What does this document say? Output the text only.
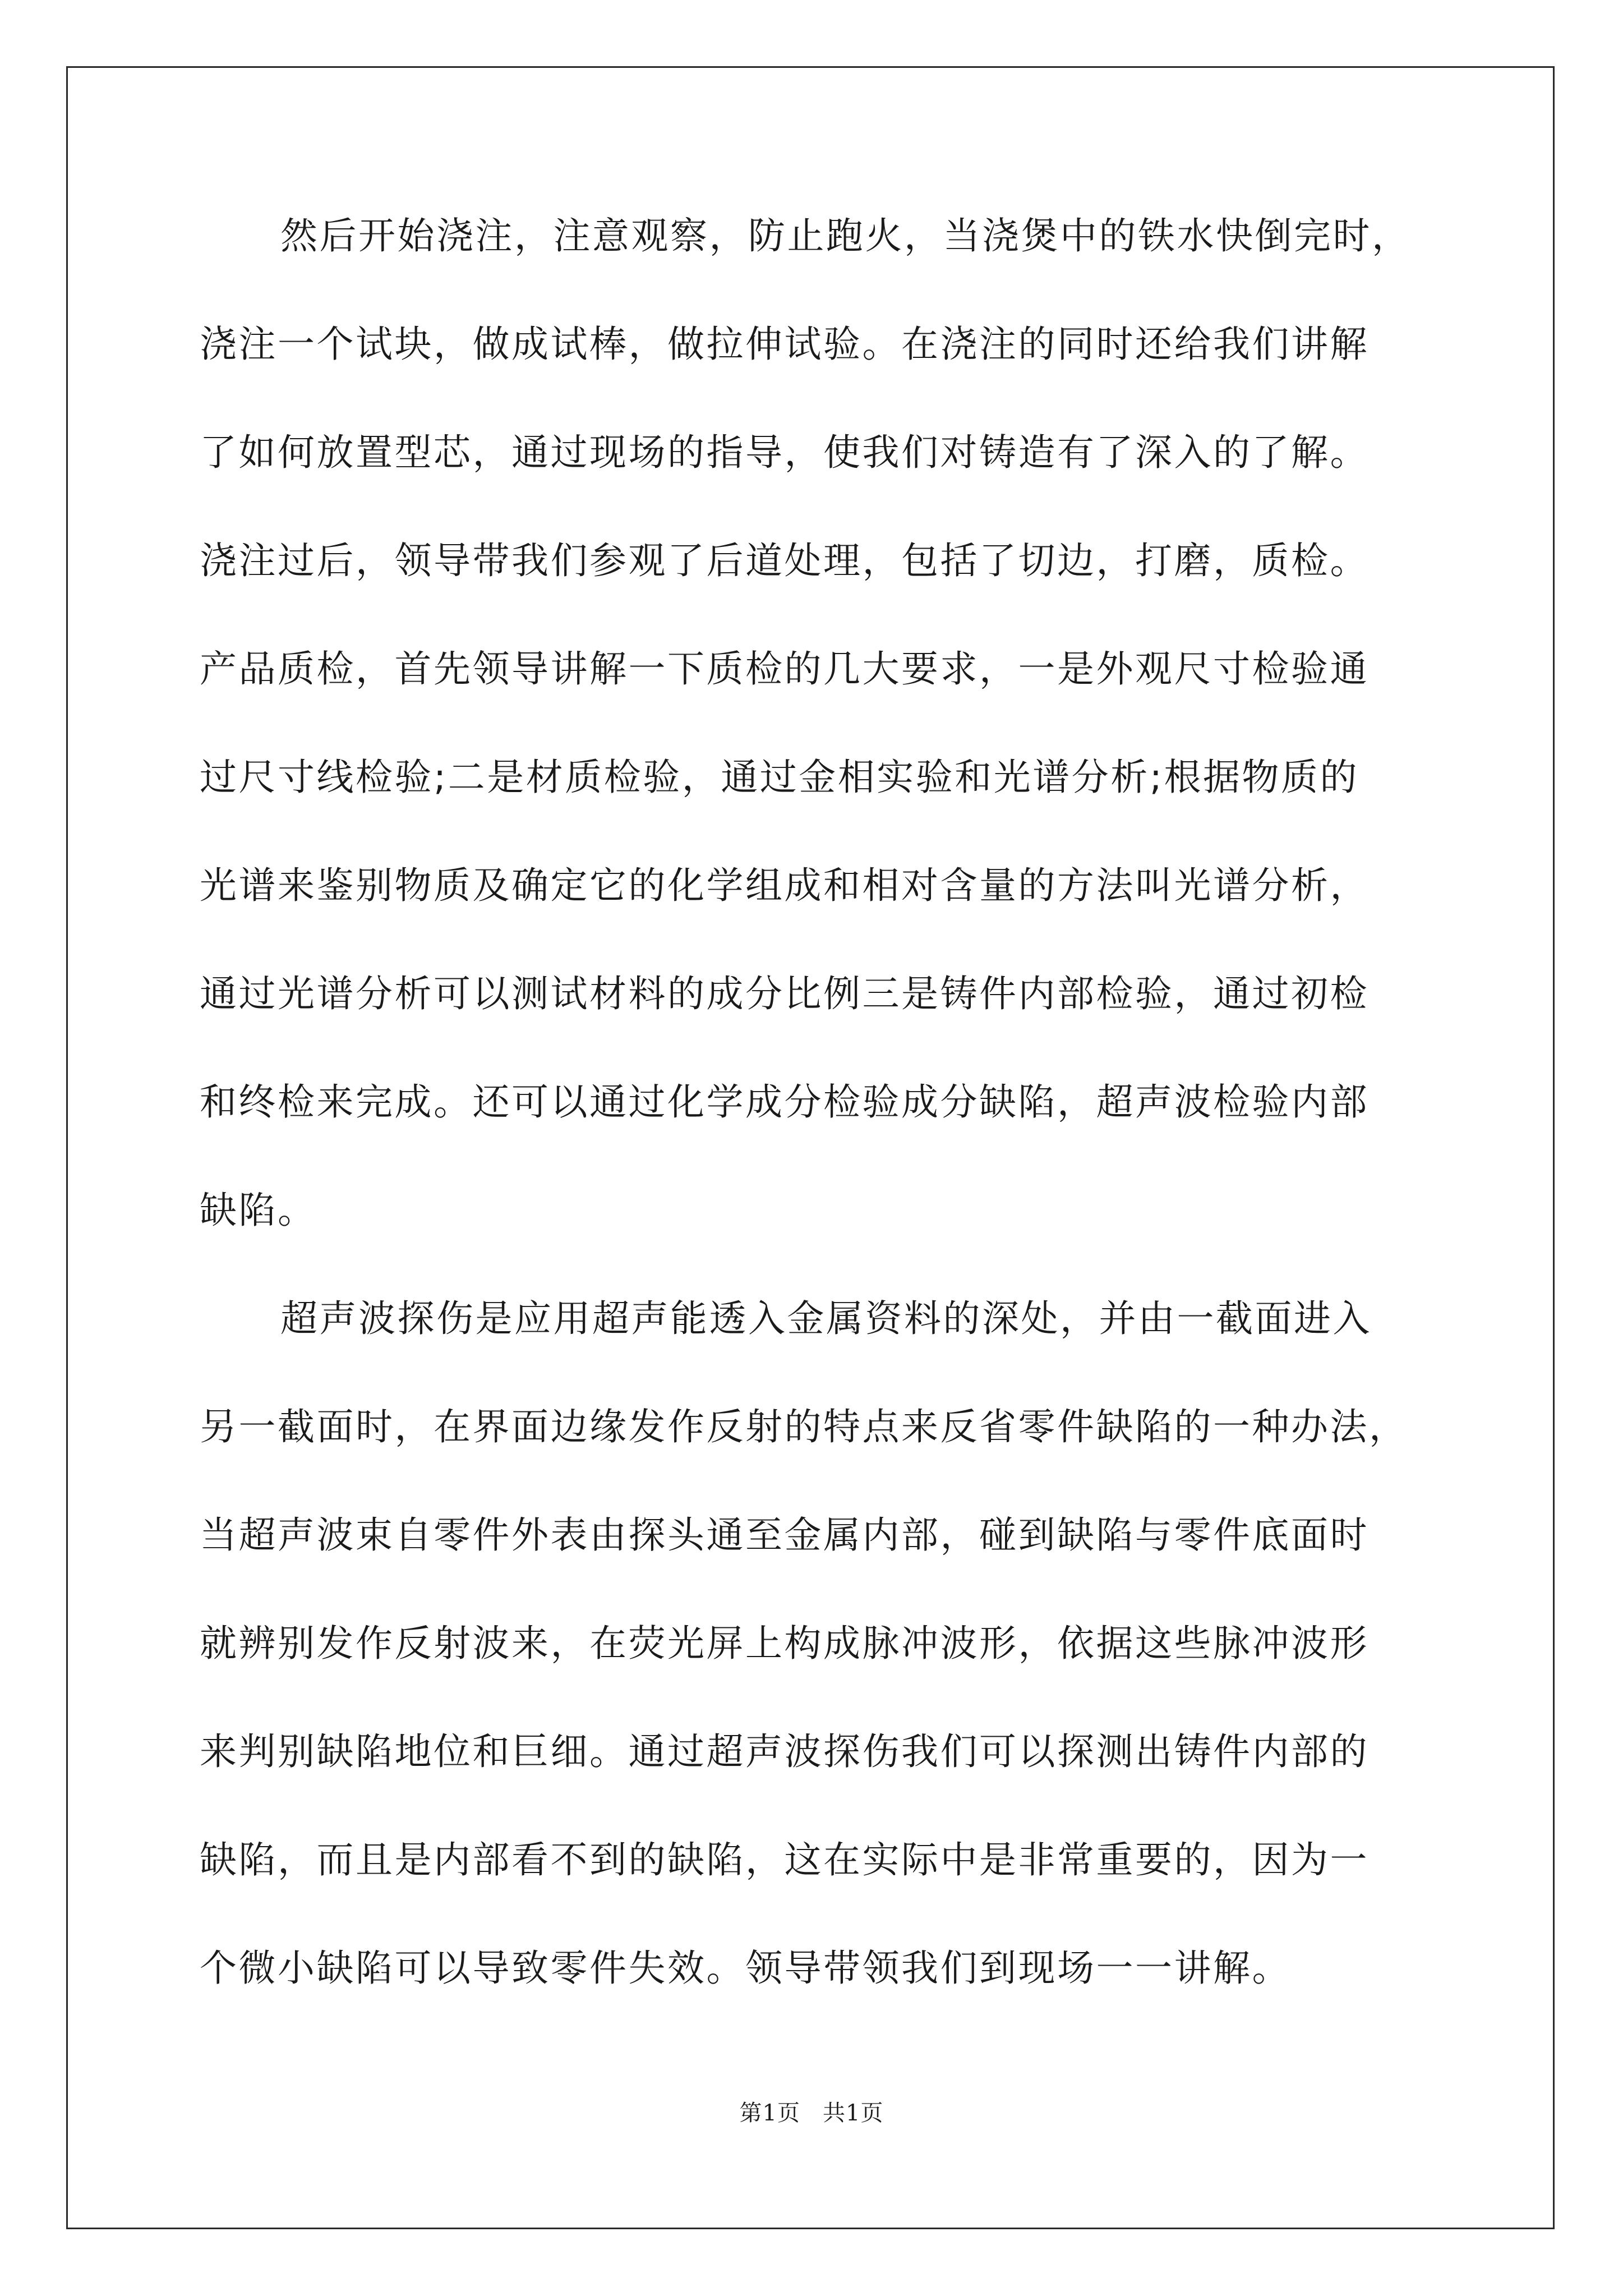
然后开始浇注，注意观察，防止跑火，当浇煲中的铁水快倒完时，
浇注一个试块，做成试棒，做拉伸试验。在浇注的同时还给我们讲解
了如何放置型芯，通过现场的指导，使我们对铸造有了深入的了解。
浇注过后，领导带我们参观了后道处理，包括了切边，打磨，质检。
产品质检，首先领导讲解一下质检的几大要求，一是外观尺寸检验通
过尺寸线检验;二是材质检验，通过金相实验和光谱分析;根据物质的
光谱来鉴别物质及确定它的化学组成和相对含量的方法叫光谱分析，
通过光谱分析可以测试材料的成分比例三是铸件内部检验，通过初检
和终检来完成。还可以通过化学成分检验成分缺陷，超声波检验内部
缺陷。
超声波探伤是应用超声能透入金属资料的深处，并由一截面进入
另一截面时，在界面边缘发作反射的特点来反省零件缺陷的一种办法，
当超声波束自零件外表由探头通至金属内部，碰到缺陷与零件底面时
就辨别发作反射波来，在荧光屏上构成脉冲波形，依据这些脉冲波形
来判别缺陷地位和巨细。通过超声波探伤我们可以探测出铸件内部的
缺陷，而且是内部看不到的缺陷，这在实际中是非常重要的，因为一
个微小缺陷可以导致零件失效。领导带领我们到现场一一讲解。
第1页 共1页
